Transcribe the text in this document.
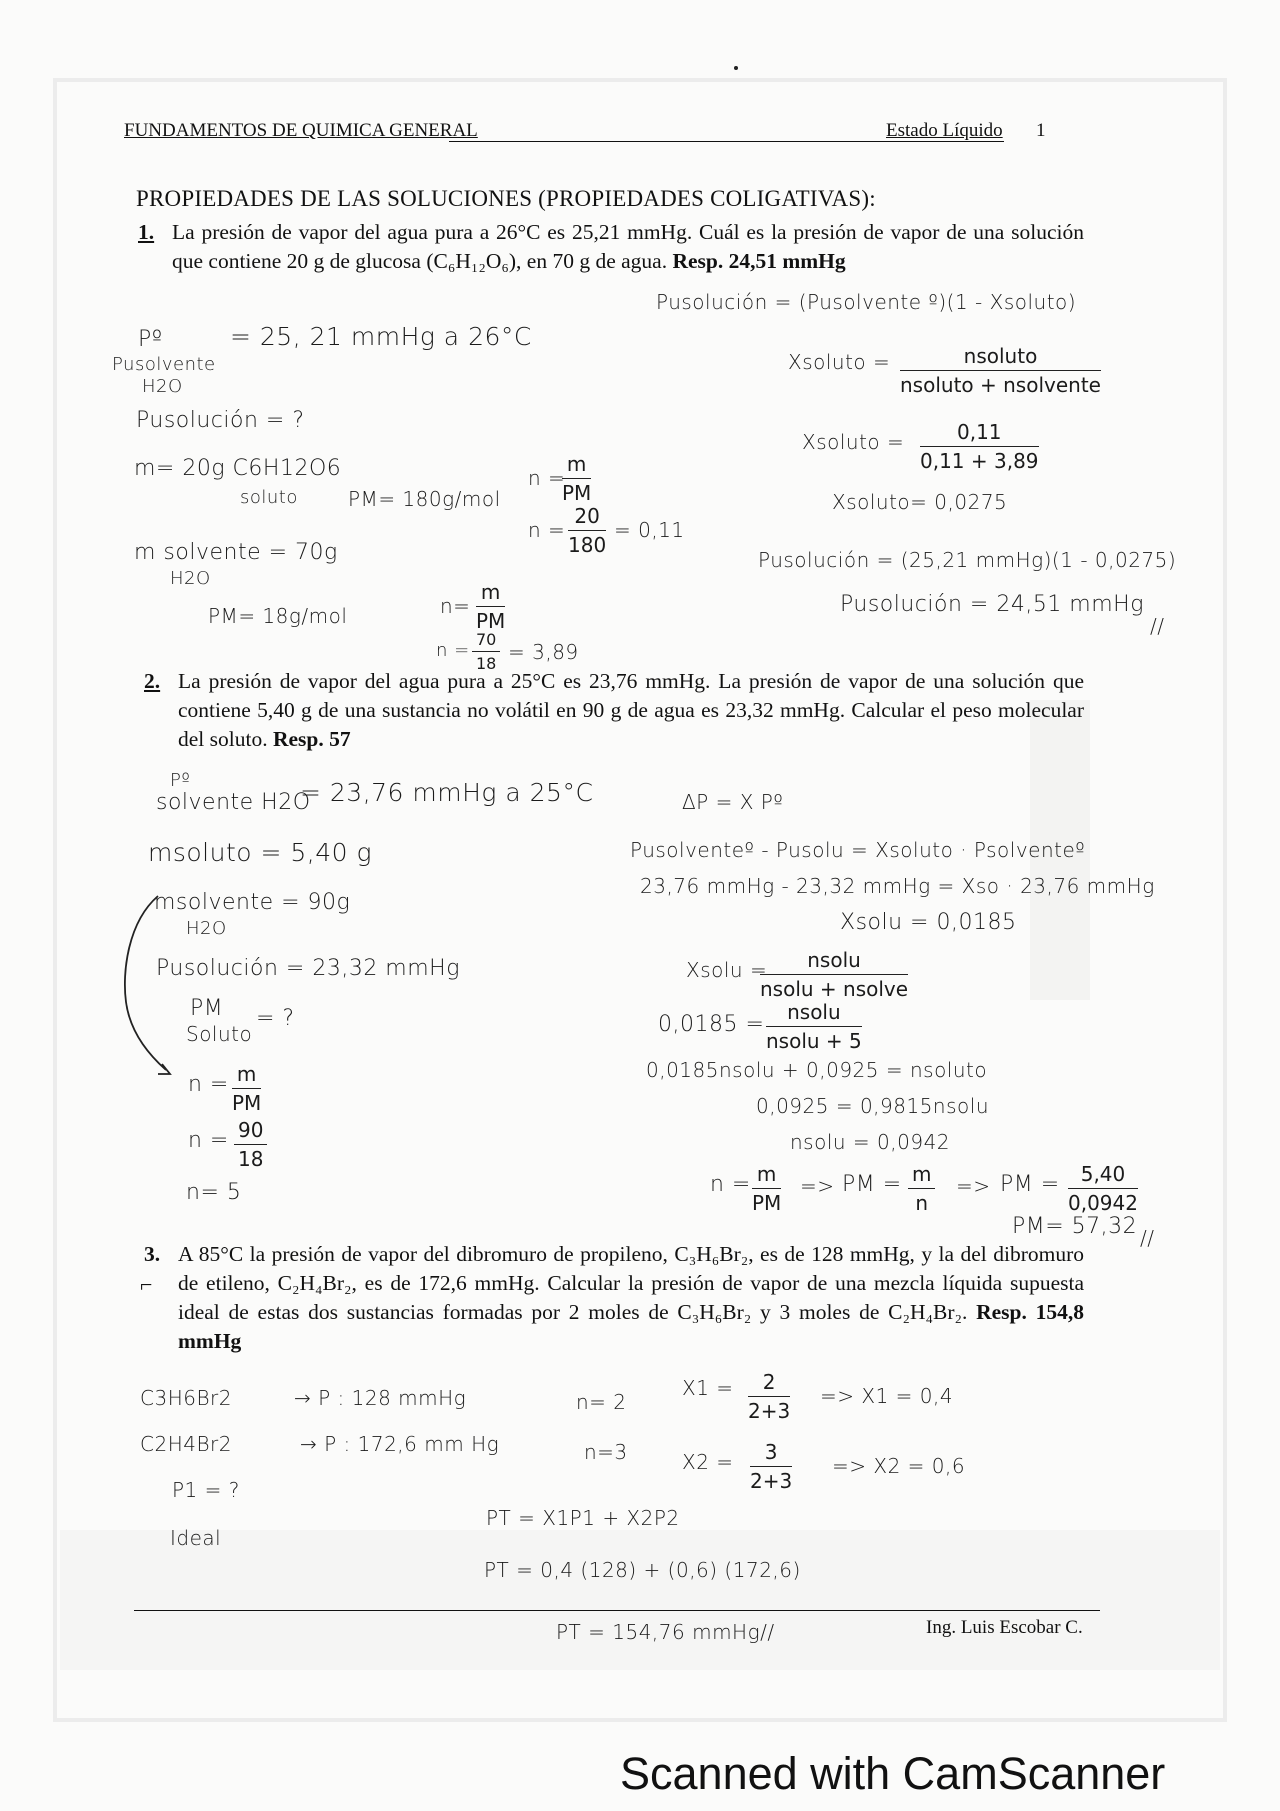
FUNDAMENTOS DE QUIMICA GENERAL	Estado Líquido 1
PROPIEDADES DE LAS SOLUCIONES (PROPIEDADES COLIGATIVAS):
1. La presión de vapor del agua pura a 26°C es 25,21 mmHg. Cuál es la presión de vapor de una solución que contiene 20 g de glucosa (C₆H₁₂O₆), en 70 g de agua. Resp. 24,51 mmHg
Pº	= 25, 21 mmHg a 26°C
Pusolvente
H2O
Pusolución = ?
m= 20g C6H12O6
soluto	PM= 180g/mol
n =
$\frac{m}{PM}$
$n = \frac{20}{180} = 0,11$
m solvente = 70g
H2O
PM= 18g/mol	$n= \frac{m}{PM}$
$n = \frac{70}{18} = 3,89$
Pusolución = (Pusolvente º)(1 - Xsoluto)
Xsoluto =	nsoluto
nsoluto + nsolvente
Xsoluto = $\frac{0,11}{0,11 + 3,89}$
Xsoluto= 0,0275
Pusolución = (25,21 mmHg)(1 - 0,0275)
Pusolución = 24,51 mmHg
//
2. La presión de vapor del agua pura a 25°C es 23,76 mmHg. La presión de vapor de una solución que contiene 5,40 g de una sustancia no volátil en 90 g de agua es 23,32 mmHg. Calcular el peso molecular del soluto. Resp. 57
Pº
solvente H2O
= 23,76 mmHg a 25°C
msoluto = 5,40 g
msolvente = 90g
H2O
Pusolución = 23,32 mmHg
PM
Soluto
= ?
$n = \frac{m}{PM}$
$n = \frac{90}{18}$
n= 5
ΔP = X Pº
Pusolventeº - Pusolu = Xsoluto · Psolventeº
23,76 mmHg - 23,32 mmHg = Xso · 23,76 mmHg
Xsolu = 0,0185
Xsolu =	nsolu
nsolu + nsolve
0,0185 =	nsolu
nsolu + 5
0,0185nsolu + 0,0925 = nsoluto
0,0925 = 0,9815nsolu
nsolu = 0,0942
$n = \frac{m}{PM}$ => PM = $\frac{m}{n}$ => PM = $\frac{5,40}{0,0942}$
PM= 57,32 //
3.
⌐
A 85°C la presión de vapor del dibromuro de propileno, C₃H₆Br₂, es de 128 mmHg, y la del dibromuro de etileno, C₂H₄Br₂, es de 172,6 mmHg. Calcular la presión de vapor de una mezcla líquida supuesta ideal de estas dos sustancias formadas por 2 moles de C₃H₆Br₂ y 3 moles de C₂H₄Br₂. Resp. 154,8 mmHg
C3H6Br2	→ P : 128 mmHg
C2H4Br2	→ P : 172,6 mm Hg
n= 2
n=3
$X1 = \frac{2}{2+3} => X1 = 0,4$
$X2 = \frac{3}{2+3} => X2 = 0,6$
P1 = ?
Ideal
PT = X1P1 + X2P2
PT = 0,4 (128) + (0,6) (172,6)
PT = 154,76 mmHg//	Ing. Luis Escobar C.
Scanned with CamScanner
